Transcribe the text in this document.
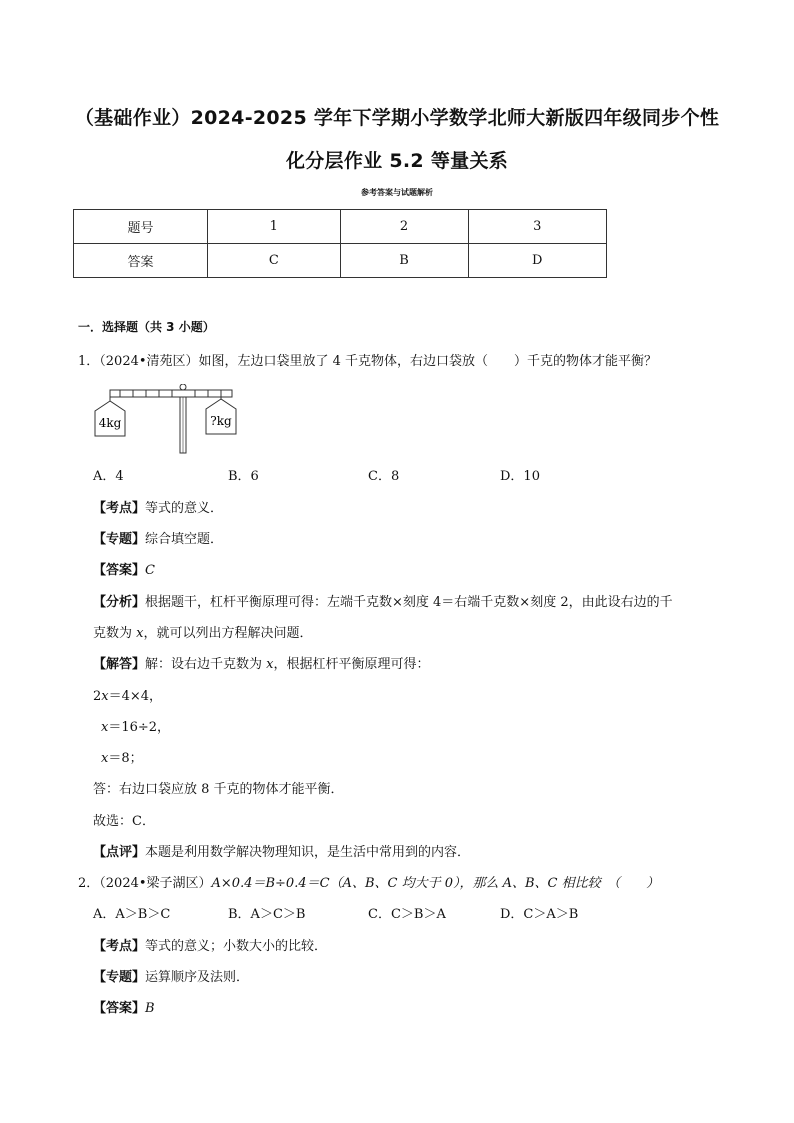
（基础作业）2024-2025 学年下学期小学数学北师大新版四年级同步个性
化分层作业 5.2 等量关系
参考答案与试题解析
题号	1	2	3
答案	C	B	D
一．选择题（共 3 小题）
1．（2024•清苑区）如图，左边口袋里放了 4 千克物体，右边口袋放（　　）千克的物体才能平衡？
4kg	?kg
A．4	B．6	C．8	D．10
【考点】等式的意义．
【专题】综合填空题．
【答案】C
【分析】根据题干，杠杆平衡原理可得：左端千克数×刻度 4＝右端千克数×刻度 2，由此设右边的千
克数为 x，就可以列出方程解决问题．
【解答】解：设右边千克数为 x，根据杠杆平衡原理可得：
2x＝4×4，
x＝16÷2，
x＝8；
答：右边口袋应放 8 千克的物体才能平衡．
故选：C．
【点评】本题是利用数学解决物理知识，是生活中常用到的内容．
2．（2024•梁子湖区）A×0.4＝B÷0.4＝C（A、B、C 均大于 0），那么 A、B、C 相比较　（　　）
A．A＞B＞C	B．A＞C＞B	C．C＞B＞A	D．C＞A＞B
【考点】等式的意义；小数大小的比较．
【专题】运算顺序及法则．
【答案】B
